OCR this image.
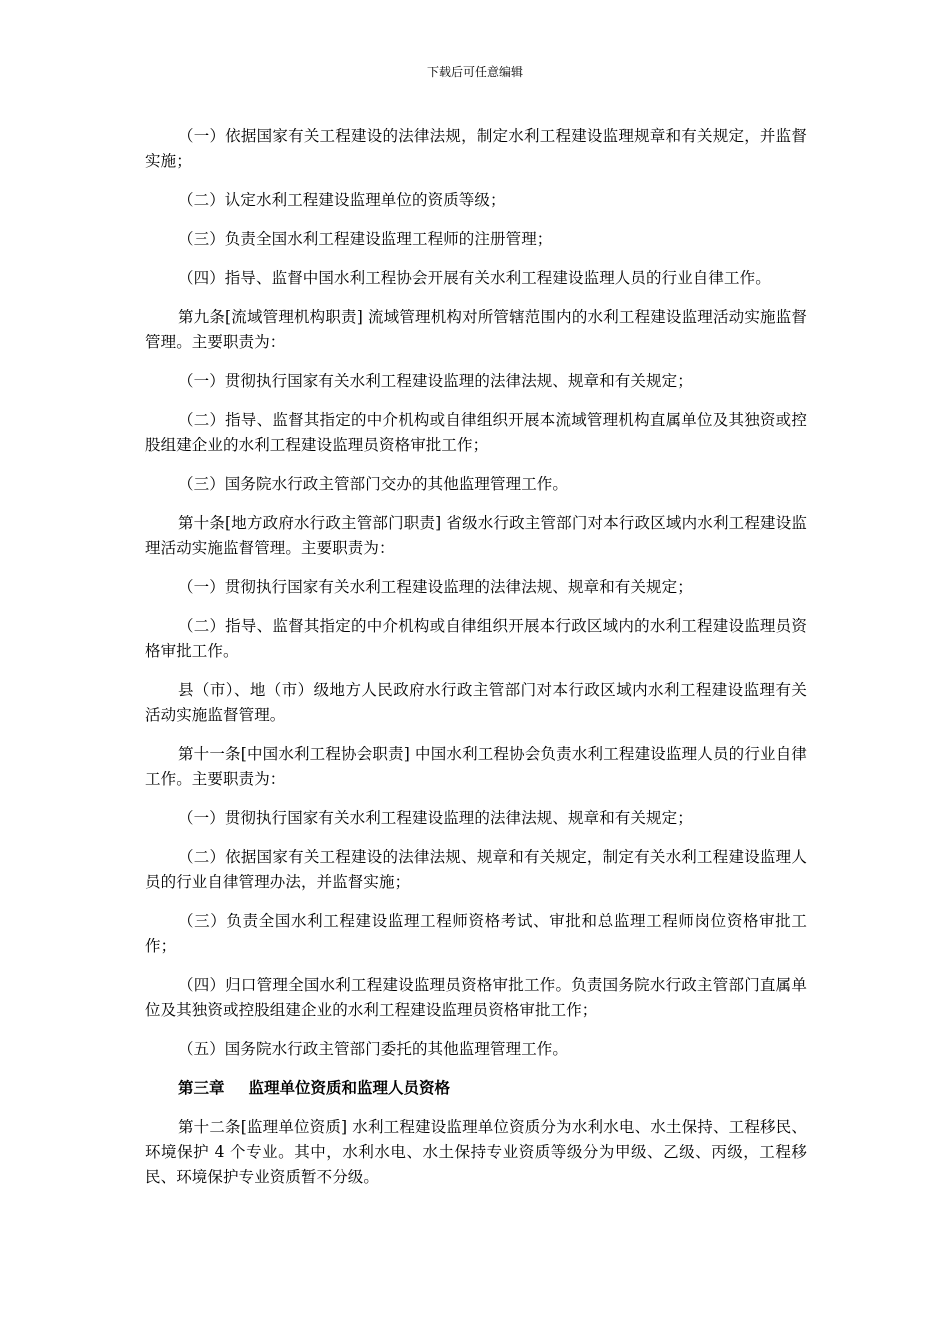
下载后可任意编辑

（一）依据国家有关工程建设的法律法规，制定水利工程建设监理规章和有关规定，并监督实施；

（二）认定水利工程建设监理单位的资质等级；

（三）负责全国水利工程建设监理工程师的注册管理；

（四）指导、监督中国水利工程协会开展有关水利工程建设监理人员的行业自律工作。

第九条[流域管理机构职责] 流域管理机构对所管辖范围内的水利工程建设监理活动实施监督管理。主要职责为：

（一）贯彻执行国家有关水利工程建设监理的法律法规、规章和有关规定；

（二）指导、监督其指定的中介机构或自律组织开展本流域管理机构直属单位及其独资或控股组建企业的水利工程建设监理员资格审批工作；

（三）国务院水行政主管部门交办的其他监理管理工作。

第十条[地方政府水行政主管部门职责] 省级水行政主管部门对本行政区域内水利工程建设监理活动实施监督管理。主要职责为：

（一）贯彻执行国家有关水利工程建设监理的法律法规、规章和有关规定；

（二）指导、监督其指定的中介机构或自律组织开展本行政区域内的水利工程建设监理员资格审批工作。

县（市）、地（市）级地方人民政府水行政主管部门对本行政区域内水利工程建设监理有关活动实施监督管理。

第十一条[中国水利工程协会职责] 中国水利工程协会负责水利工程建设监理人员的行业自律工作。主要职责为：

（一）贯彻执行国家有关水利工程建设监理的法律法规、规章和有关规定；

（二）依据国家有关工程建设的法律法规、规章和有关规定，制定有关水利工程建设监理人员的行业自律管理办法，并监督实施；

（三）负责全国水利工程建设监理工程师资格考试、审批和总监理工程师岗位资格审批工作；

（四）归口管理全国水利工程建设监理员资格审批工作。负责国务院水行政主管部门直属单位及其独资或控股组建企业的水利工程建设监理员资格审批工作；

（五）国务院水行政主管部门委托的其他监理管理工作。

第三章 监理单位资质和监理人员资格

第十二条[监理单位资质] 水利工程建设监理单位资质分为水利水电、水土保持、工程移民、环境保护 4 个专业。其中，水利水电、水土保持专业资质等级分为甲级、乙级、丙级，工程移民、环境保护专业资质暂不分级。
